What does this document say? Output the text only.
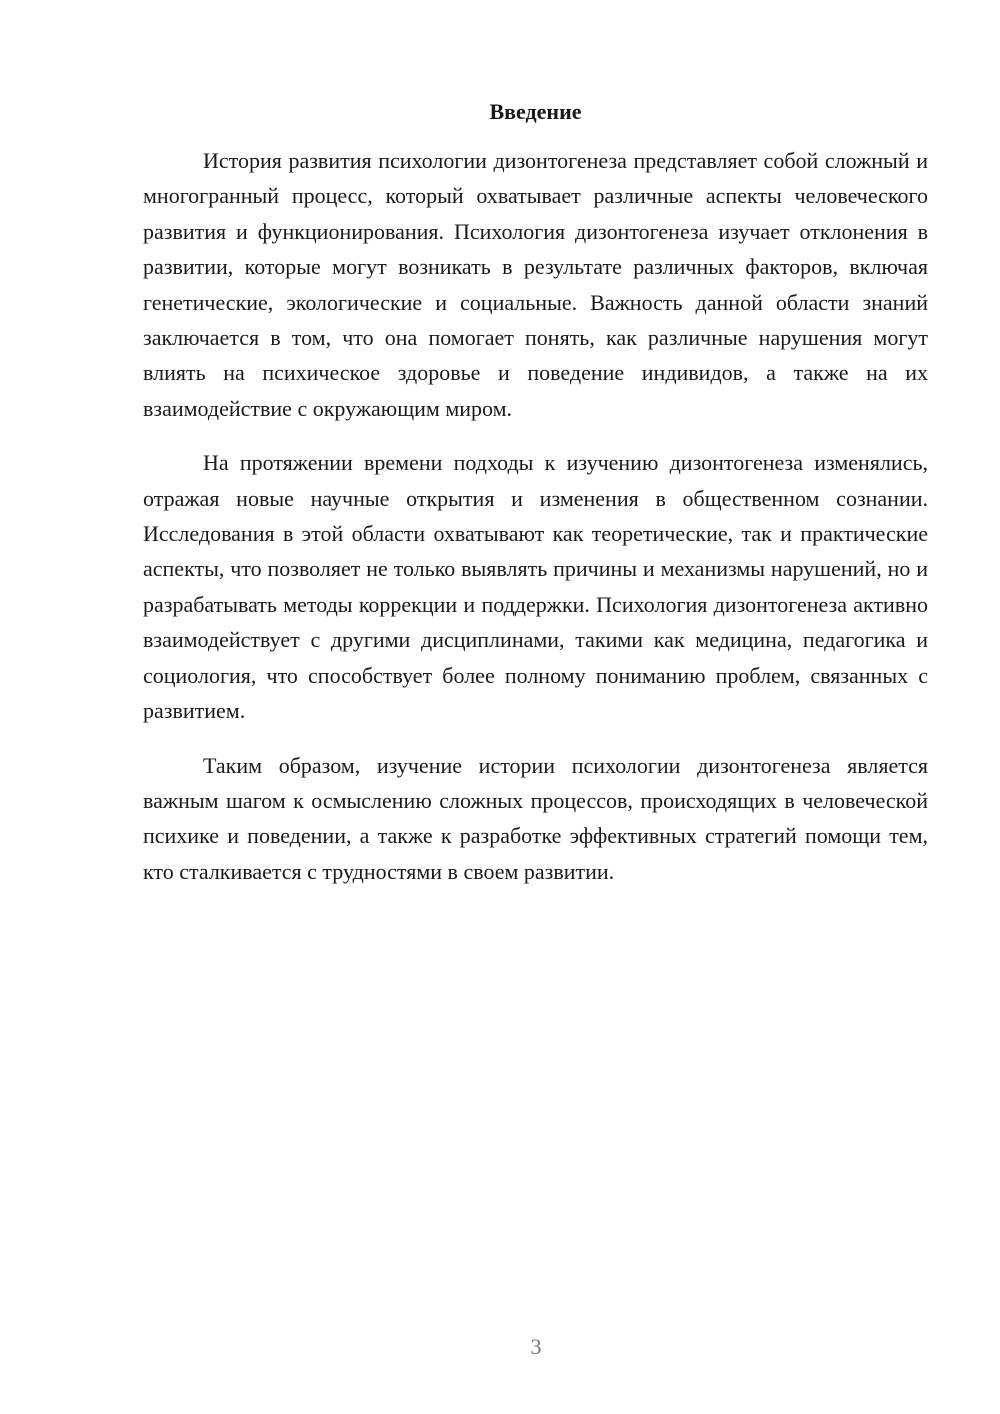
Введение

История развития психологии дизонтогенеза представляет собой сложный и многогранный процесс, который охватывает различные аспекты человеческого развития и функционирования. Психология дизонтогенеза изучает отклонения в развитии, которые могут возникать в результате различных факторов, включая генетические, экологические и социальные. Важность данной области знаний заключается в том, что она помогает понять, как различные нарушения могут влиять на психическое здоровье и поведение индивидов, а также на их взаимодействие с окружающим миром.

На протяжении времени подходы к изучению дизонтогенеза изменялись, отражая новые научные открытия и изменения в общественном сознании. Исследования в этой области охватывают как теоретические, так и практические аспекты, что позволяет не только выявлять причины и механизмы нарушений, но и разрабатывать методы коррекции и поддержки. Психология дизонтогенеза активно взаимодействует с другими дисциплинами, такими как медицина, педагогика и социология, что способствует более полному пониманию проблем, связанных с развитием.

Таким образом, изучение истории психологии дизонтогенеза является важным шагом к осмыслению сложных процессов, происходящих в человеческой психике и поведении, а также к разработке эффективных стратегий помощи тем, кто сталкивается с трудностями в своем развитии.

3
